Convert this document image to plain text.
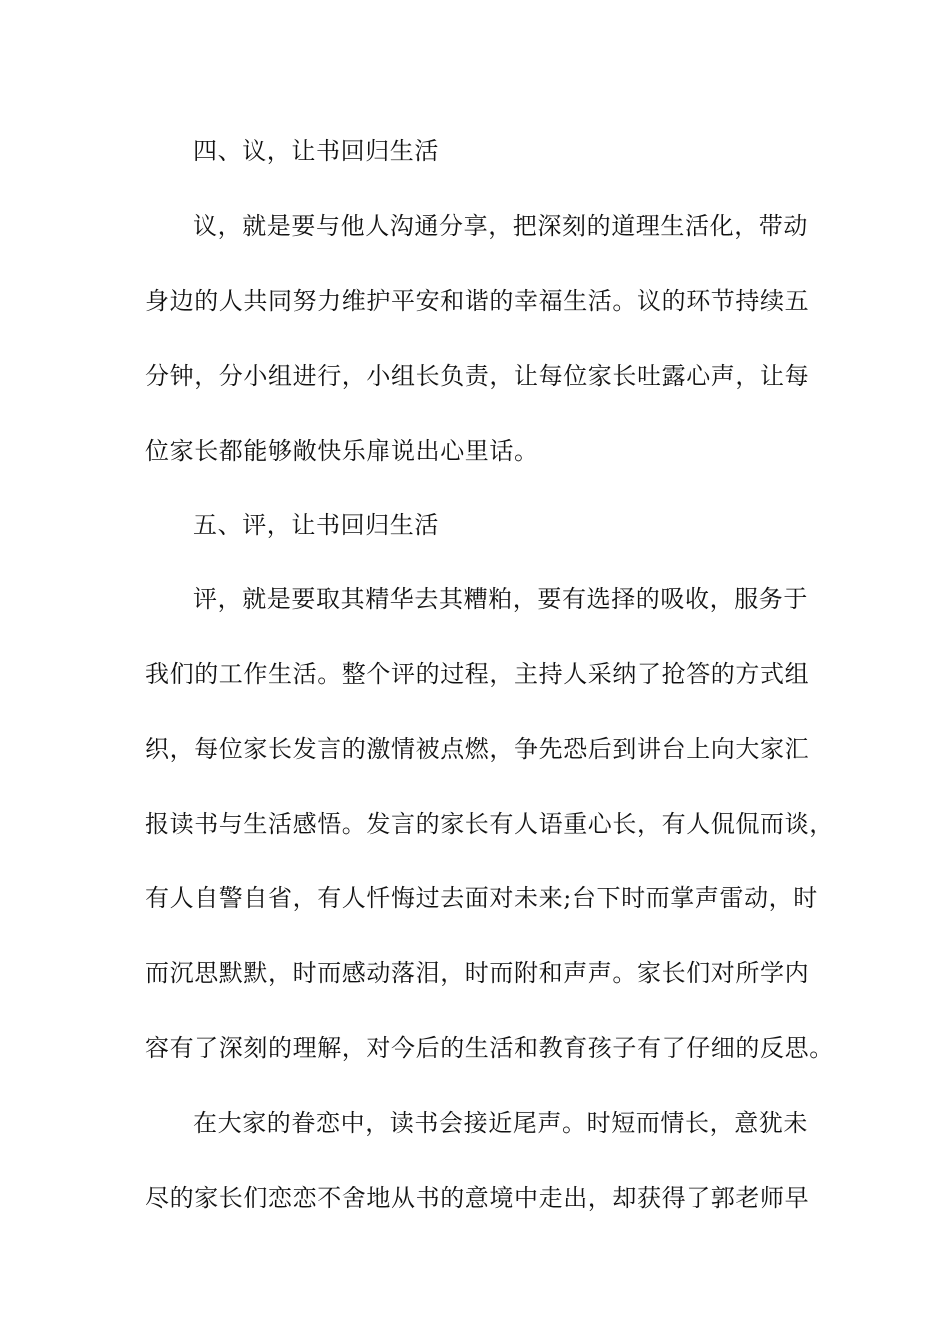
四、议，让书回归生活
议，就是要与他人沟通分享，把深刻的道理生活化，带动
身边的人共同努力维护平安和谐的幸福生活。议的环节持续五
分钟，分小组进行，小组长负责，让每位家长吐露心声，让每
位家长都能够敞快乐扉说出心里话。
五、评，让书回归生活
评，就是要取其精华去其糟粕，要有选择的吸收，服务于
我们的工作生活。整个评的过程，主持人采纳了抢答的方式组
织，每位家长发言的激情被点燃，争先恐后到讲台上向大家汇
报读书与生活感悟。发言的家长有人语重心长，有人侃侃而谈，
有人自警自省，有人忏悔过去面对未来;台下时而掌声雷动，时
而沉思默默，时而感动落泪，时而附和声声。家长们对所学内
容有了深刻的理解，对今后的生活和教育孩子有了仔细的反思。
在大家的眷恋中，读书会接近尾声。时短而情长，意犹未
尽的家长们恋恋不舍地从书的意境中走出，却获得了郭老师早
